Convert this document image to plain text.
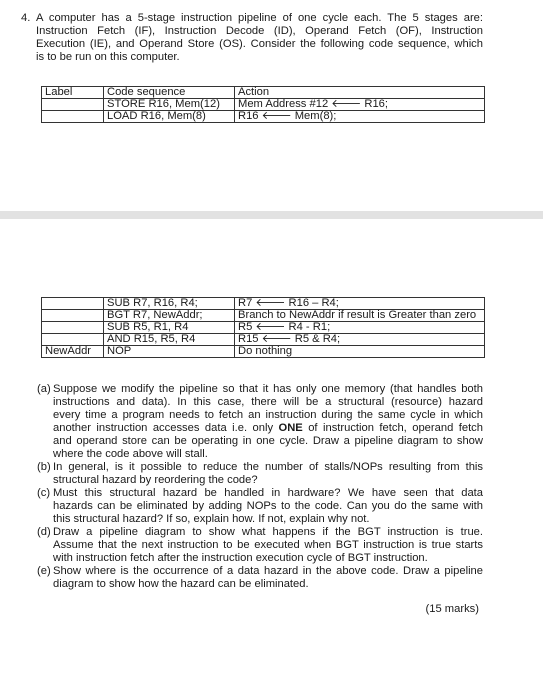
4. A computer has a 5-stage instruction pipeline of one cycle each. The 5 stages are:
Instruction Fetch (IF), Instruction Decode (ID), Operand Fetch (OF), Instruction
Execution (IE), and Operand Store (OS). Consider the following code sequence, which
is to be run on this computer.
Label	Code sequence	Action
	STORE R16, Mem(12)	Mem Address #12 🡐 R16;
	LOAD R16, Mem(8)	R16 🡐 Mem(8);
	SUB R7, R16, R4;	R7 🡐 R16 – R4;
	BGT R7, NewAddr;	Branch to NewAddr if result is Greater than zero
	SUB R5, R1, R4	R5 🡐 R4 - R1;
	AND R15, R5, R4	R15 🡐 R5 & R4;
NewAddr	NOP	Do nothing
(a) Suppose we modify the pipeline so that it has only one memory (that handles both
instructions and data). In this case, there will be a structural (resource) hazard
every time a program needs to fetch an instruction during the same cycle in which
another instruction accesses data i.e. only ONE of instruction fetch, operand fetch
and operand store can be operating in one cycle. Draw a pipeline diagram to show
where the code above will stall.
(b) In general, is it possible to reduce the number of stalls/NOPs resulting from this
structural hazard by reordering the code?
(c) Must this structural hazard be handled in hardware? We have seen that data
hazards can be eliminated by adding NOPs to the code. Can you do the same with
this structural hazard? If so, explain how. If not, explain why not.
(d) Draw a pipeline diagram to show what happens if the BGT instruction is true.
Assume that the next instruction to be executed when BGT instruction is true starts
with instruction fetch after the instruction execution cycle of BGT instruction.
(e) Show where is the occurrence of a data hazard in the above code. Draw a pipeline
diagram to show how the hazard can be eliminated.
(15 marks)
